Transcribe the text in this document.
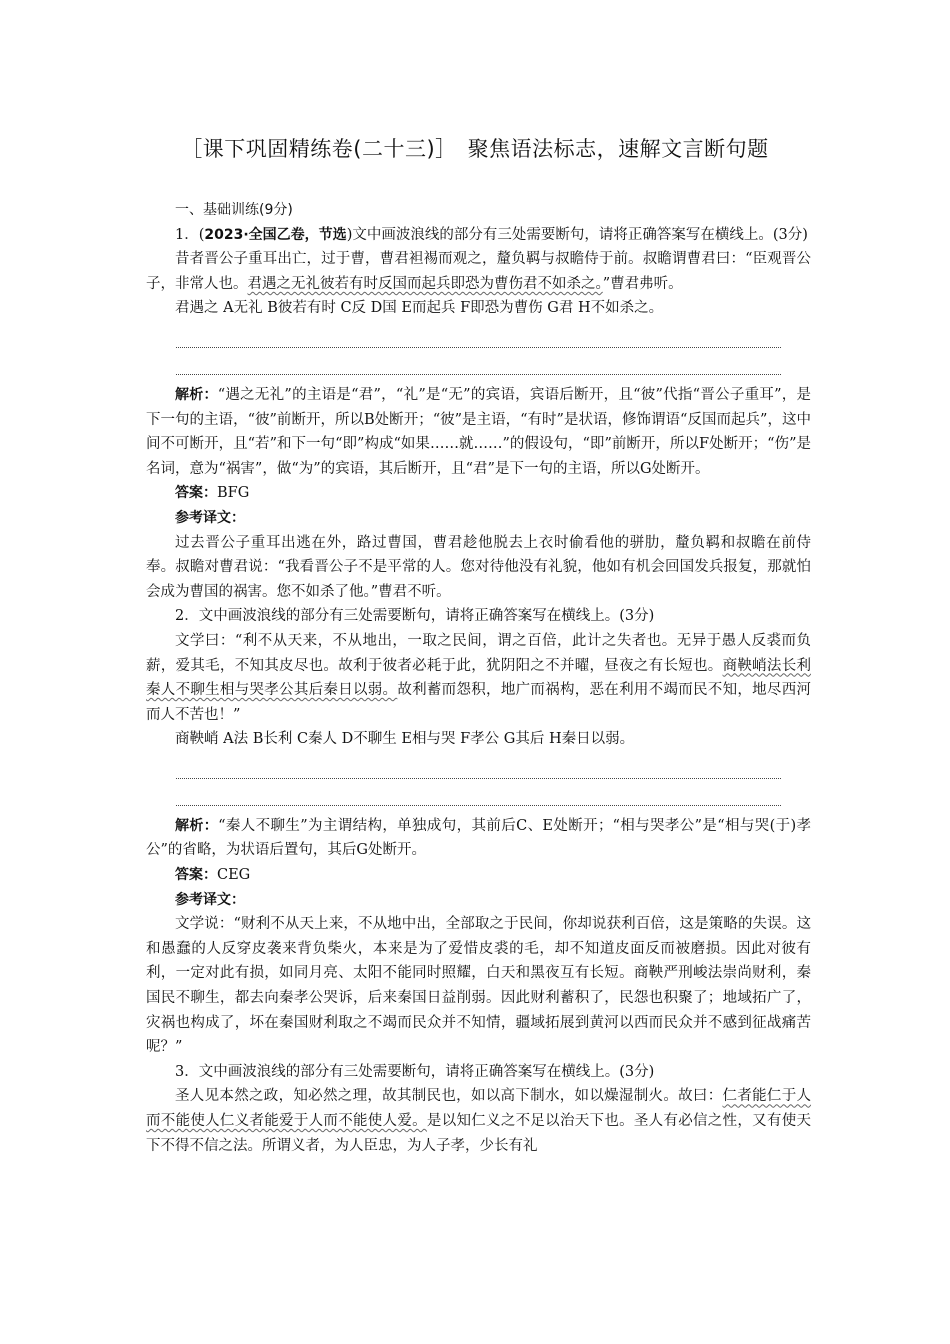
［课下巩固精练卷(二十三)］　聚焦语法标志，速解文言断句题

一、基础训练(9分)

1．(2023·全国乙卷，节选)文中画波浪线的部分有三处需要断句，请将正确答案写在横线上。(3分)

昔者晋公子重耳出亡，过于曹，曹君袒裼而观之，釐负羁与叔瞻侍于前。叔瞻谓曹君曰：“臣观晋公子，非常人也。君遇之无礼彼若有时反国而起兵即恐为曹伤君不如杀之。”曹君弗听。

君遇之 A无礼 B彼若有时 C反 D国 E而起兵 F即恐为曹伤 G君 H不如杀之。

解析：“遇之无礼”的主语是“君”，“礼”是“无”的宾语，宾语后断开，且“彼”代指“晋公子重耳”，是下一句的主语，“彼”前断开，所以B处断开；“彼”是主语，“有时”是状语，修饰谓语“反国而起兵”，这中间不可断开，且“若”和下一句“即”构成“如果……就……”的假设句，“即”前断开，所以F处断开；“伤”是名词，意为“祸害”，做“为”的宾语，其后断开，且“君”是下一句的主语，所以G处断开。

答案：BFG

参考译文：

过去晋公子重耳出逃在外，路过曹国，曹君趁他脱去上衣时偷看他的骈肋，釐负羁和叔瞻在前侍奉。叔瞻对曹君说：“我看晋公子不是平常的人。您对待他没有礼貌，他如有机会回国发兵报复，那就怕会成为曹国的祸害。您不如杀了他。”曹君不听。

2．文中画波浪线的部分有三处需要断句，请将正确答案写在横线上。(3分)

文学曰：“利不从天来，不从地出，一取之民间，谓之百倍，此计之失者也。无异于愚人反裘而负薪，爱其毛，不知其皮尽也。故利于彼者必耗于此，犹阴阳之不并曜，昼夜之有长短也。商鞅峭法长利秦人不聊生相与哭孝公其后秦日以弱。故利蓄而怨积，地广而祸构，恶在利用不竭而民不知，地尽西河而人不苦也！”

商鞅峭 A法 B长利 C秦人 D不聊生 E相与哭 F孝公 G其后 H秦日以弱。

解析：“秦人不聊生”为主谓结构，单独成句，其前后C、E处断开；“相与哭孝公”是“相与哭(于)孝公”的省略，为状语后置句，其后G处断开。

答案：CEG

参考译文：

文学说：“财利不从天上来，不从地中出，全部取之于民间，你却说获利百倍，这是策略的失误。这和愚蠢的人反穿皮袭来背负柴火，本来是为了爱惜皮裘的毛，却不知道皮面反而被磨损。因此对彼有利，一定对此有损，如同月亮、太阳不能同时照耀，白天和黑夜互有长短。商鞅严刑峻法崇尚财利，秦国民不聊生，都去向秦孝公哭诉，后来秦国日益削弱。因此财利蓄积了，民怨也积聚了；地域拓广了，灾祸也构成了，坏在秦国财利取之不竭而民众并不知情，疆域拓展到黄河以西而民众并不感到征战痛苦呢？”

3．文中画波浪线的部分有三处需要断句，请将正确答案写在横线上。(3分)

圣人见本然之政，知必然之理，故其制民也，如以高下制水，如以燥湿制火。故曰：仁者能仁于人而不能使人仁义者能爱于人而不能使人爱。是以知仁义之不足以治天下也。圣人有必信之性，又有使天下不得不信之法。所谓义者，为人臣忠，为人子孝，少长有礼
